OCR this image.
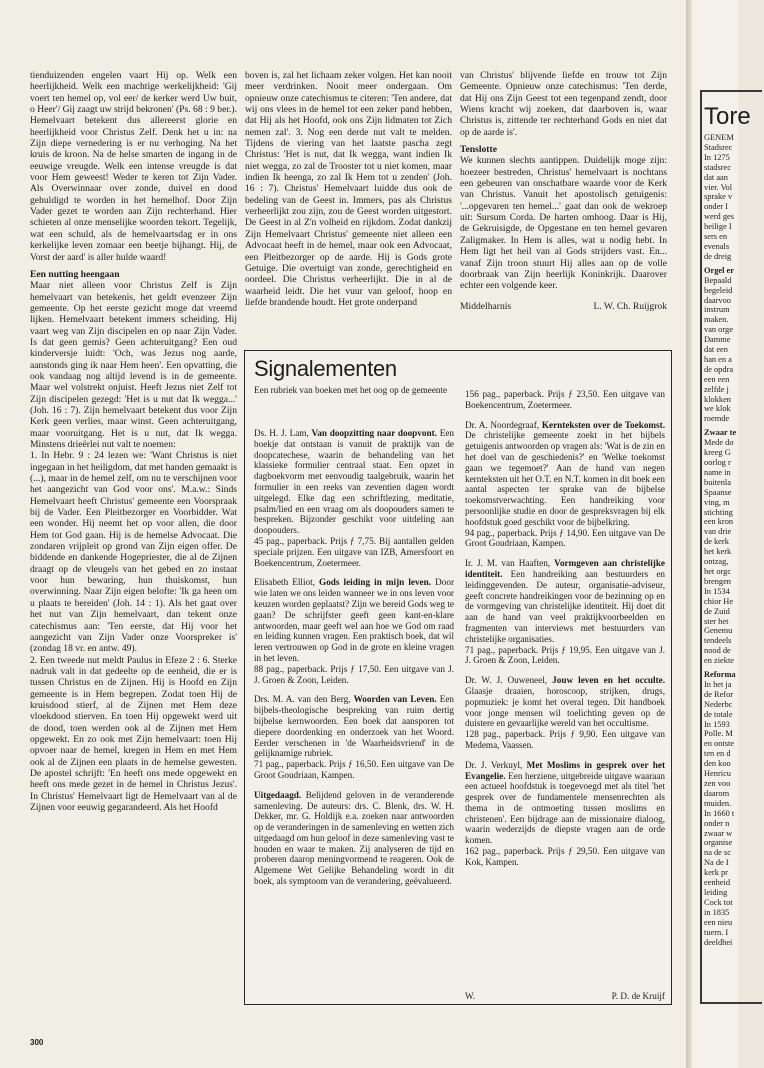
tienduizenden engelen vaart Hij op. Welk een heerlijkheid. Welk een machtige werkelijkheid: 'Gij voert ten hemel op, vol eer/ de kerker werd Uw buit, o Heer'/ Gij zaagt uw strijd bekronen' (Ps. 68 : 9 ber.).

Hemelvaart betekent dus allereerst glorie en heerlijkheid voor Christus Zelf. Denk het u in: na Zijn diepe vernedering is er nu verhoging. Na het kruis de kroon. Na de helse smarten de ingang in de eeuwige vreugde. Welk een intense vreugde is dat voor Hem geweest! Weder te keren tot Zijn Vader. Als Overwinnaar over zonde, duivel en dood gehuldigd te worden in het hemelhof. Door Zijn Vader gezet te worden aan Zijn rechterhand. Hier schieten al onze menselijke woorden tekort. Tegelijk, wat een schuld, als de hemelvaartsdag er in ons kerkelijke leven zomaar een beetje bijhangt. Hij, de Vorst der aard' is aller hulde waard!

Een nutting heengaan

Maar niet alleen voor Christus Zelf is Zijn hemelvaart van betekenis, het geldt evenzeer Zijn gemeente. Op het eerste gezicht moge dat vreemd lijken. Hemelvaart betekent immers scheiding. Hij vaart weg van Zijn discipelen en op naar Zijn Vader. Is dat geen gemis? Geen achteruitgang? Een oud kinderversje luidt: 'Och, was Jezus nog aarde, aanstonds ging ik naar Hem heen'. Een opvatting, die ook vandaag nog altijd levend is in de gemeente. Maar wel volstrekt onjuist. Heeft Jezus niet Zelf tot Zijn discipelen gezegd: 'Het is u nut dat Ik wegga...' (Joh. 16 : 7). Zijn hemelvaart betekent dus voor Zijn Kerk geen verlies, maar winst. Geen achteruitgang, maar vooruitgang. Het is u nut, dat Ik wegga. Minstens drieërlei nut valt te noemen:

1. In Hebr. 9 : 24 lezen we: 'Want Christus is niet ingegaan in het heiligdom, dat met handen gemaakt is (...), maar in de hemel zelf, om nu te verschijnen voor het aangezicht van God voor ons'. M.a.w.: Sinds Hemelvaart heeft Christus' gemeente een Voorspraak bij de Vader. Een Pleitbezorger en Voorbidder. Wat een wonder. Hij neemt het op voor allen, die door Hem tot God gaan. Hij is de hemelse Advocaat. Die zondaren vrijpleit op grond van Zijn eigen offer. De biddende en dankende Hogepriester, die al de Zijnen draagt op de vleugels van het gebed en zo instaat voor hun bewaring, hun thuiskomst, hun overwinning. Naar Zijn eigen belofte: 'Ik ga heen om u plaats te bereiden' (Joh. 14 : 1). Als het gaat over het nut van Zijn hemelvaart, dan tekent onze catechismus aan: 'Ten eerste, dat Hij voor het aangezicht van Zijn Vader onze Voorspreker is' (zondag 18 vr. en antw. 49).

2. Een tweede nut meldt Paulus in Efeze 2 : 6. Sterke nadruk valt in dat gedeelte op de eenheid, die er is tussen Christus en de Zijnen. Hij is Hoofd en Zijn gemeente is in Hem begrepen. Zodat toen Hij de kruisdood stierf, al de Zijnen met Hem deze vloekdood stierven. En toen Hij opgewekt werd uit de dood, toen werden ook al de Zijnen met Hem opgewekt. En zo ook met Zijn hemelvaart: toen Hij opvoer naar de hemel, kregen in Hem en met Hem ook al de Zijnen een plaats in de hemelse gewesten. De apostel schrijft: 'En heeft ons mede opgewekt en heeft ons mede gezet in de hemel in Christus Jezus'. In Christus' Hemelvaart ligt de Hemelvaart van al de Zijnen voor eeuwig gegarandeerd. Als het Hoofd

boven is, zal het lichaam zeker volgen. Het kan nooit meer verdrinken. Nooit meer ondergaan. Om opnieuw onze catechismus te citeren: 'Ten andere, dat wij ons vlees in de hemel tot een zeker pand hebben, dat Hij als het Hoofd, ook ons Zijn lidmaten tot Zich nemen zal'. 3. Nog een derde nut valt te melden. Tijdens de viering van het laatste pascha zegt Christus: 'Het is nut, dat Ik wegga, want indien Ik niet wegga, zo zal de Trooster tot u niet komen, maar indien Ik heenga, zo zal Ik Hem tot u zenden' (Joh. 16 : 7). Christus' Hemelvaart luidde dus ook de bedeling van de Geest in. Immers, pas als Christus verheerlijkt zou zijn, zou de Geest worden uitgestort. De Geest in al Z'n volheid en rijkdom. Zodat dankzij Zijn Hemelvaart Christus' gemeente niet alleen een Advocaat heeft in de hemel, maar ook een Advocaat, een Pleitbezorger op de aarde. Hij is Gods grote Getuige. Die overtuigt van zonde, gerechtigheid en oordeel. Die Christus verheerlijkt. Die in al de waarheid leidt. Die het vuur van geloof, hoop en liefde brandende houdt. Het grote onderpand

van Christus' blijvende liefde en trouw tot Zijn Gemeente. Opnieuw onze catechismus: 'Ten derde, dat Hij ons Zijn Geest tot een tegenpand zendt, door Wiens kracht wij zoeken, dat daarboven is, waar Christus is, zittende ter rechterhand Gods en niet dat op de aarde is'.

Tenslotte

We kunnen slechts aantippen. Duidelijk moge zijn: hoezeer bestreden, Christus' hemelvaart is nochtans een gebeuren van onschatbare waarde voor de Kerk van Christus. Vanuit het apostolisch getuigenis: '...opgevaren ten hemel...' gaat dan ook de wekroep uit: Sursum Corda. De harten omhoog. Daar is Hij, de Gekruisigde, de Opgestane en ten hemel gevaren Zaligmaker. In Hem is alles, wat u nodig hebt. In Hem ligt het heil van al Gods strijders vast. En... vanaf Zijn troon stuurt Hij alles aan op de volle doorbraak van Zijn heerlijk Koninkrijk. Daarover echter een volgende keer.

Middelharnis	L. W. Ch. Ruijgrok
Signalementen
Een rubriek van boeken met het oog op de gemeente
Ds. H. J. Lam, Van doopzitting naar doopvont. Een boekje dat ontstaan is vanuit de praktijk van de doopcatechese, waarin de behandeling van het klassieke formulier centraal staat. Een opzet in dagboekvorm met eenvoudig taalgebruik, waarin het formulier in een reeks van zeventien dagen wordt uitgelegd. Elke dag een schriftlezing, meditatie, psalm/lied en een vraag om als doopouders samen te bespreken. Bijzonder geschikt voor uitdeling aan doopouders.
45 pag., paperback. Prijs ƒ 7,75. Bij aantallen gelden speciale prijzen. Een uitgave van IZB, Amersfoort en Boekencentrum, Zoetermeer.
Elisabeth Elliot, Gods leiding in mijn leven. Door wie laten we ons leiden wanneer we in ons leven voor keuzen worden geplaatst? Zijn we bereid Gods weg te gaan? De schrijfster geeft geen kant-en-klare antwoorden, maar geeft wel aan hoe we God om raad en leiding kunnen vragen. Een praktisch boek, dat wil leren vertrouwen op God in de grote en kleine vragen in het leven.
88 pag., paperback. Prijs ƒ 17,50. Een uitgave van J. J. Groen & Zoon, Leiden.
Drs. M. A. van den Berg, Woorden van Leven. Een bijbels-theologische bespreking van ruim dertig bijbelse kernwoorden. Een boek dat aansporen tot diepere doordenking en onderzoek van het Woord. Eerder verschenen in 'de Waarheidsvriend' in de gelijknamige rubriek.
71 pag., paperback. Prijs ƒ 16,50. Een uitgave van De Groot Goudriaan, Kampen.
Uitgedaagd. Belijdend geloven in de veranderende samenleving. De auteurs: drs. C. Blenk, drs. W. H. Dekker, mr. G. Holdijk e.a. zoeken naar antwoorden op de veranderingen in de samenleving en wetten zich uitgedaagd om hun geloof in deze samenleving vast te houden en waar te maken. Zij analyseren de tijd en proberen daarop meningvormend te reageren. Ook de Algemene Wet Gelijke Behandeling wordt in dit boek, als symptoom van de verandering, geëvalueerd.
156 pag., paperback. Prijs ƒ 23,50. Een uitgave van Boekencentrum, Zoetermeer.
Dr. A. Noordegraaf, Kernteksten over de Toekomst. De christelijke gemeente zoekt in het bijbels getuigenis antwoorden op vragen als: 'Wat is de zin en het doel van de geschiedenis?' en 'Welke toekomst gaan we tegemoet?' Aan de hand van negen kernteksten uit het O.T. en N.T. komen in dit boek een aantal aspecten ter sprake van de bijbelse toekomstverwachting. Een handreiking voor persoonlijke studie en door de gespreksvragen bij elk hoofdstuk goed geschikt voor de bijbelkring.
94 pag., paperback. Prijs ƒ 14,90. Een uitgave van De Groot Goudriaan, Kampen.
Ir. J. M. van Haaften, Vormgeven aan christelijke identiteit. Een handreiking aan bestuurders en leidinggevenden. De auteur, organisatie-adviseur, geeft concrete handreikingen voor de bezinning op en de vormgeving van christelijke identiteit. Hij doet dit aan de hand van veel praktijkvoorbeelden en fragmenten van interviews met bestuurders van christelijke organisaties.
71 pag., paperback. Prijs ƒ 19,95. Een uitgave van J. J. Groen & Zoon, Leiden.
Dr. W. J. Ouweneel, Jouw leven en het occulte. Glaasje draaien, horoscoop, strijken, drugs, popmuziek: je komt het overal tegen. Dit handboek voor jonge mensen wil toelichting geven op de duistere en gevaarlijke wereld van het occultisme.
128 pag., paperback. Prijs ƒ 9,90. Een uitgave van Medema, Vaassen.
Dr. J. Verkuyl, Met Moslims in gesprek over het Evangelie. Een herziene, uitgebreide uitgave waaraan een actueel hoofdstuk is toegevoegd met als titel 'het gesprek over de fundamentele mensenrechten als thema in de ontmoeting tussen moslims en christenen'. Een bijdrage aan de missionaire dialoog, waarin wederzijds de diepste vragen aan de orde komen.
162 pag., paperback. Prijs ƒ 29,50. Een uitgave van Kok, Kampen.
W.	P. D. de Kruijf
300
Tore
GENEM
Stadsrec
In 1275
stadsrec
dat aan
vier. Vol
sprake v
onder I
werd ges
heilige I
sers en
evenals
de dreig
Orgel er
Bepaald
begeleid
daarvoo
instrum
maken.
van orge
Damme
dat een
han en a
de opdra
een een
zelfde j
klokken
we klok
roemde
Zwaar te
Mede do
kreeg G
oorlog r
name in
buitenla
Spaanse
ving, m
stichting
een kron
van drie
de kerk
het kerk
ontzag,
het orgc
brengen
In 1534
chior He
de Zuid
ster het
Genemu
tendeels
nood de
en ziekte
Reforma
In het ja
de Refor
Nederbc
de totale
In 1593
Polle. M
en ontste
ten en d
den koo
Henricu
zen voo
daarom
muiden.
In 1660 t
onder n
zwaar w
organise
na de sc
Na de I
kerk pr
eenheid
leiding
Cock tot
in 1835
een nieu
tuern. I
deeldhei
